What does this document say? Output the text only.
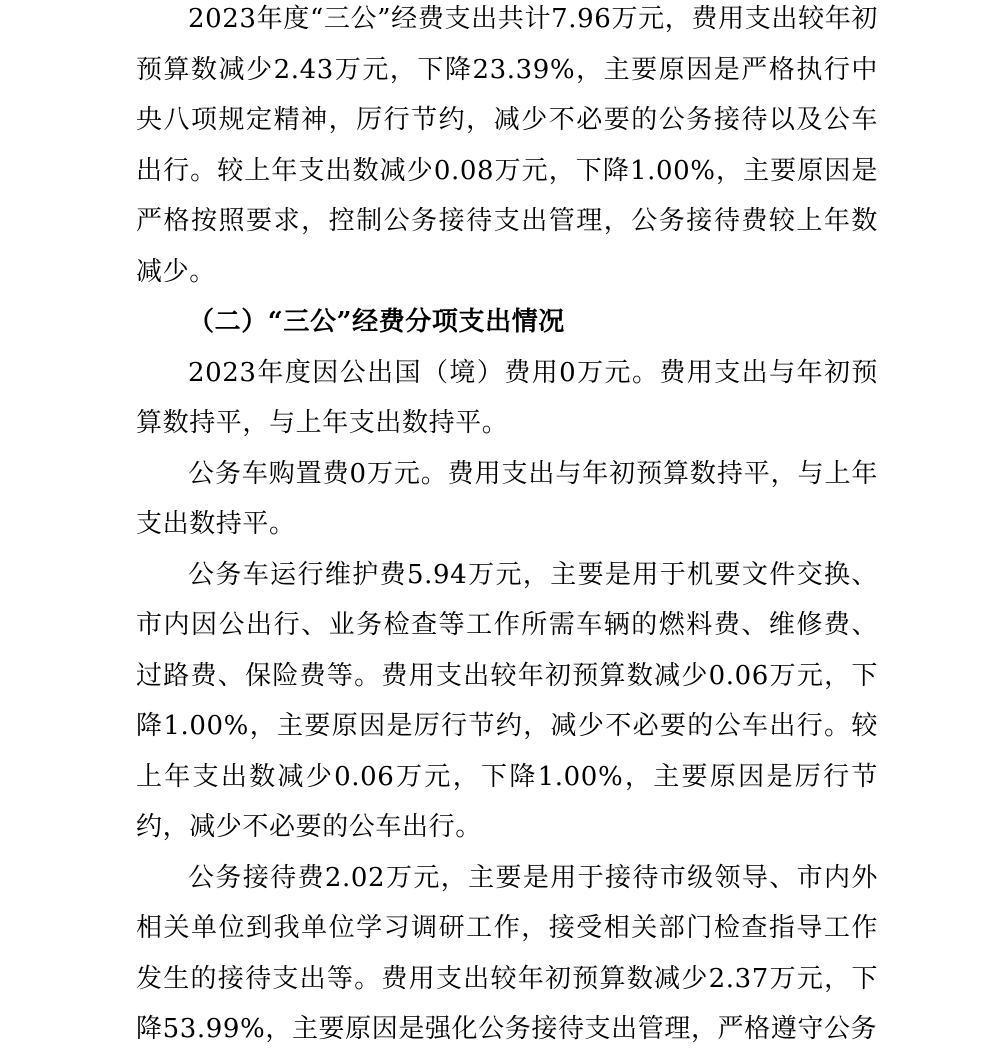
2023年度“三公”经费支出共计7.96万元，费用支出较年初预算数减少2.43万元，下降23.39%，主要原因是严格执行中央八项规定精神，厉行节约，减少不必要的公务接待以及公车出行。较上年支出数减少0.08万元，下降1.00%，主要原因是严格按照要求，控制公务接待支出管理，公务接待费较上年数减少。

（二）“三公”经费分项支出情况

2023年度因公出国（境）费用0万元。费用支出与年初预算数持平，与上年支出数持平。

公务车购置费0万元。费用支出与年初预算数持平，与上年支出数持平。

公务车运行维护费5.94万元，主要是用于机要文件交换、市内因公出行、业务检查等工作所需车辆的燃料费、维修费、过路费、保险费等。费用支出较年初预算数减少0.06万元，下降1.00%，主要原因是厉行节约，减少不必要的公车出行。较上年支出数减少0.06万元，下降1.00%，主要原因是厉行节约，减少不必要的公车出行。

公务接待费2.02万元，主要是用于接待市级领导、市内外相关单位到我单位学习调研工作，接受相关部门检查指导工作发生的接待支出等。费用支出较年初预算数减少2.37万元，下降53.99%，主要原因是强化公务接待支出管理，严格遵守公务
